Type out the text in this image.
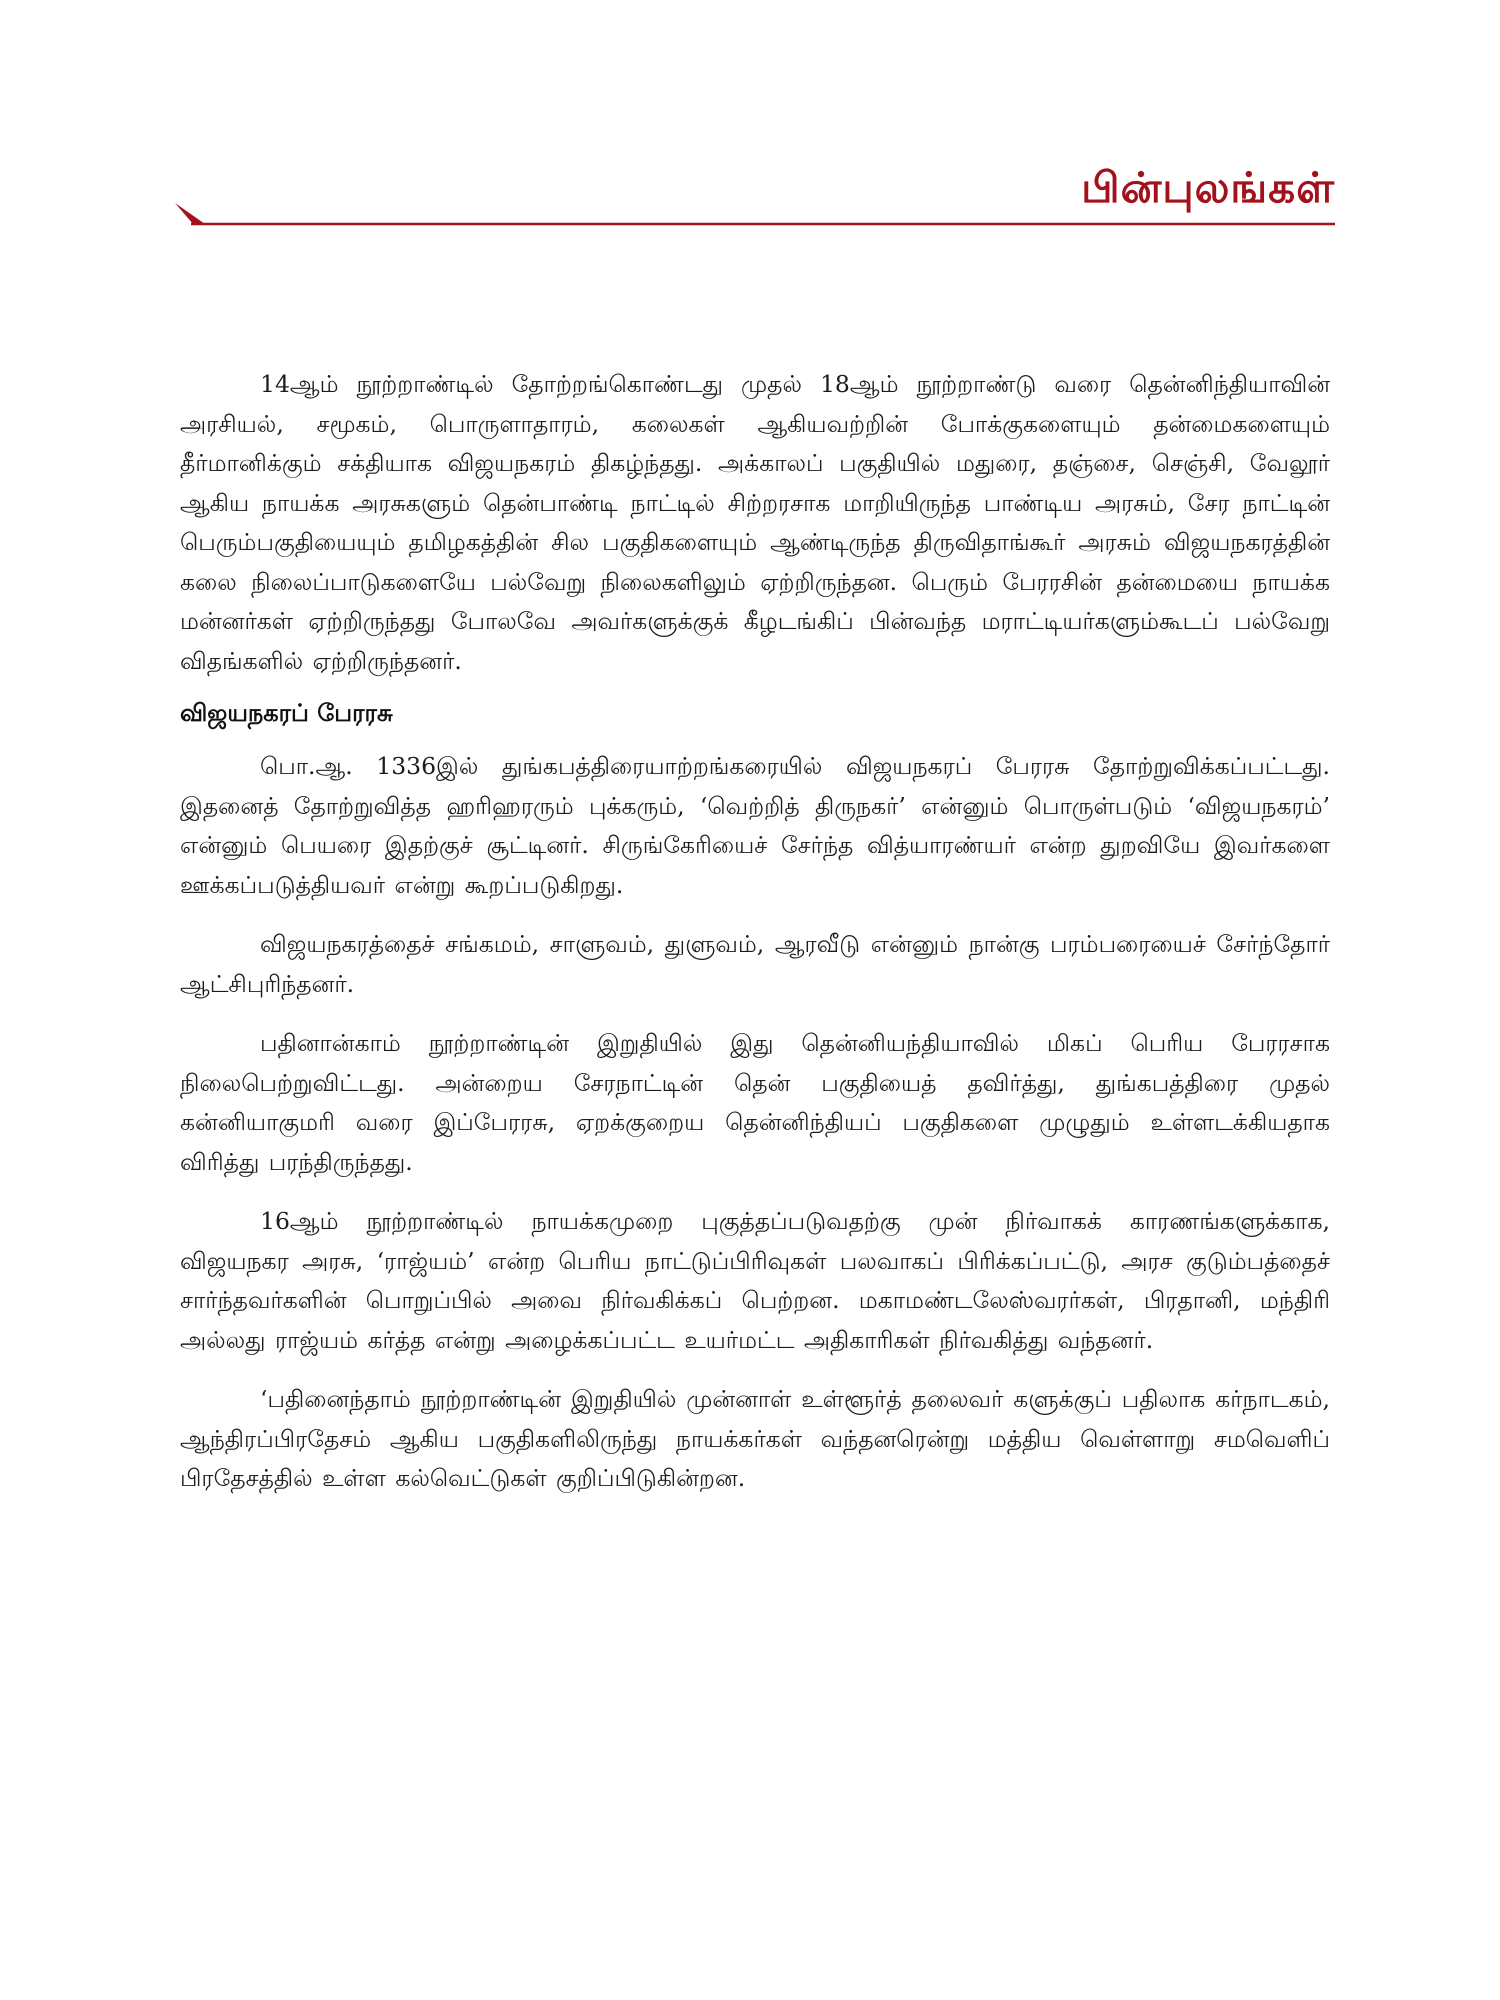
பின்புலங்கள்

14ஆம் நூற்றாண்டில் தோற்றங்கொண்டது முதல் 18ஆம் நூற்றாண்டு வரை தென்னிந்தியாவின் அரசியல், சமூகம், பொருளாதாரம், கலைகள் ஆகியவற்றின் போக்குகளையும் தன்மைகளையும் தீர்மானிக்கும் சக்தியாக விஜயநகரம் திகழ்ந்தது. அக்காலப் பகுதியில் மதுரை, தஞ்சை, செஞ்சி, வேலூர் ஆகிய நாயக்க அரசுகளும் தென்பாண்டி நாட்டில் சிற்றரசாக மாறியிருந்த பாண்டிய அரசும், சேர நாட்டின் பெரும்பகுதியையும் தமிழகத்தின் சில பகுதிகளையும் ஆண்டிருந்த திருவிதாங்கூர் அரசும் விஜயநகரத்தின் கலை நிலைப்பாடுகளையே பல்வேறு நிலைகளிலும் ஏற்றிருந்தன. பெரும் பேரரசின் தன்மையை நாயக்க மன்னர்கள் ஏற்றிருந்தது போலவே அவர்களுக்குக் கீழடங்கிப் பின்வந்த மராட்டியர்களும்கூடப் பல்வேறு விதங்களில் ஏற்றிருந்தனர்.

விஜயநகரப் பேரரசு

பொ.ஆ. 1336இல் துங்கபத்திரையாற்றங்கரையில் விஜயநகரப் பேரரசு தோற்றுவிக்கப்பட்டது. இதனைத் தோற்றுவித்த ஹரிஹரரும் புக்கரும், ‘வெற்றித் திருநகர்’ என்னும் பொருள்படும் ‘விஜயநகரம்’ என்னும் பெயரை இதற்குச் சூட்டினர். சிருங்கேரியைச் சேர்ந்த வித்யாரண்யர் என்ற துறவியே இவர்களை ஊக்கப்படுத்தியவர் என்று கூறப்படுகிறது.

விஜயநகரத்தைச் சங்கமம், சாளுவம், துளுவம், ஆரவீடு என்னும் நான்கு பரம்பரையைச் சேர்ந்தோர் ஆட்சிபுரிந்தனர்.

பதினான்காம் நூற்றாண்டின் இறுதியில் இது தென்னியந்தியாவில் மிகப் பெரிய பேரரசாக நிலைபெற்றுவிட்டது. அன்றைய சேரநாட்டின் தென் பகுதியைத் தவிர்த்து, துங்கபத்திரை முதல் கன்னியாகுமரி வரை இப்பேரரசு, ஏறக்குறைய தென்னிந்தியப் பகுதிகளை முழுதும் உள்ளடக்கியதாக விரித்து பரந்திருந்தது.

16ஆம் நூற்றாண்டில் நாயக்கமுறை புகுத்தப்படுவதற்கு முன் நிர்வாகக் காரணங்களுக்காக, விஜயநகர அரசு, ‘ராஜ்யம்’ என்ற பெரிய நாட்டுப்பிரிவுகள் பலவாகப் பிரிக்கப்பட்டு, அரச குடும்பத்தைச் சார்ந்தவர்களின் பொறுப்பில் அவை நிர்வகிக்கப் பெற்றன. மகாமண்டலேஸ்வரர்கள், பிரதானி, மந்திரி அல்லது ராஜ்யம் கர்த்த என்று அழைக்கப்பட்ட உயர்மட்ட அதிகாரிகள் நிர்வகித்து வந்தனர்.

‘பதினைந்தாம் நூற்றாண்டின் இறுதியில் முன்னாள் உள்ளூர்த் தலைவர் களுக்குப் பதிலாக கர்நாடகம், ஆந்திரப்பிரதேசம் ஆகிய பகுதிகளிலிருந்து நாயக்கர்கள் வந்தனரென்று மத்திய வெள்ளாறு சமவெளிப் பிரதேசத்தில் உள்ள கல்வெட்டுகள் குறிப்பிடுகின்றன.
